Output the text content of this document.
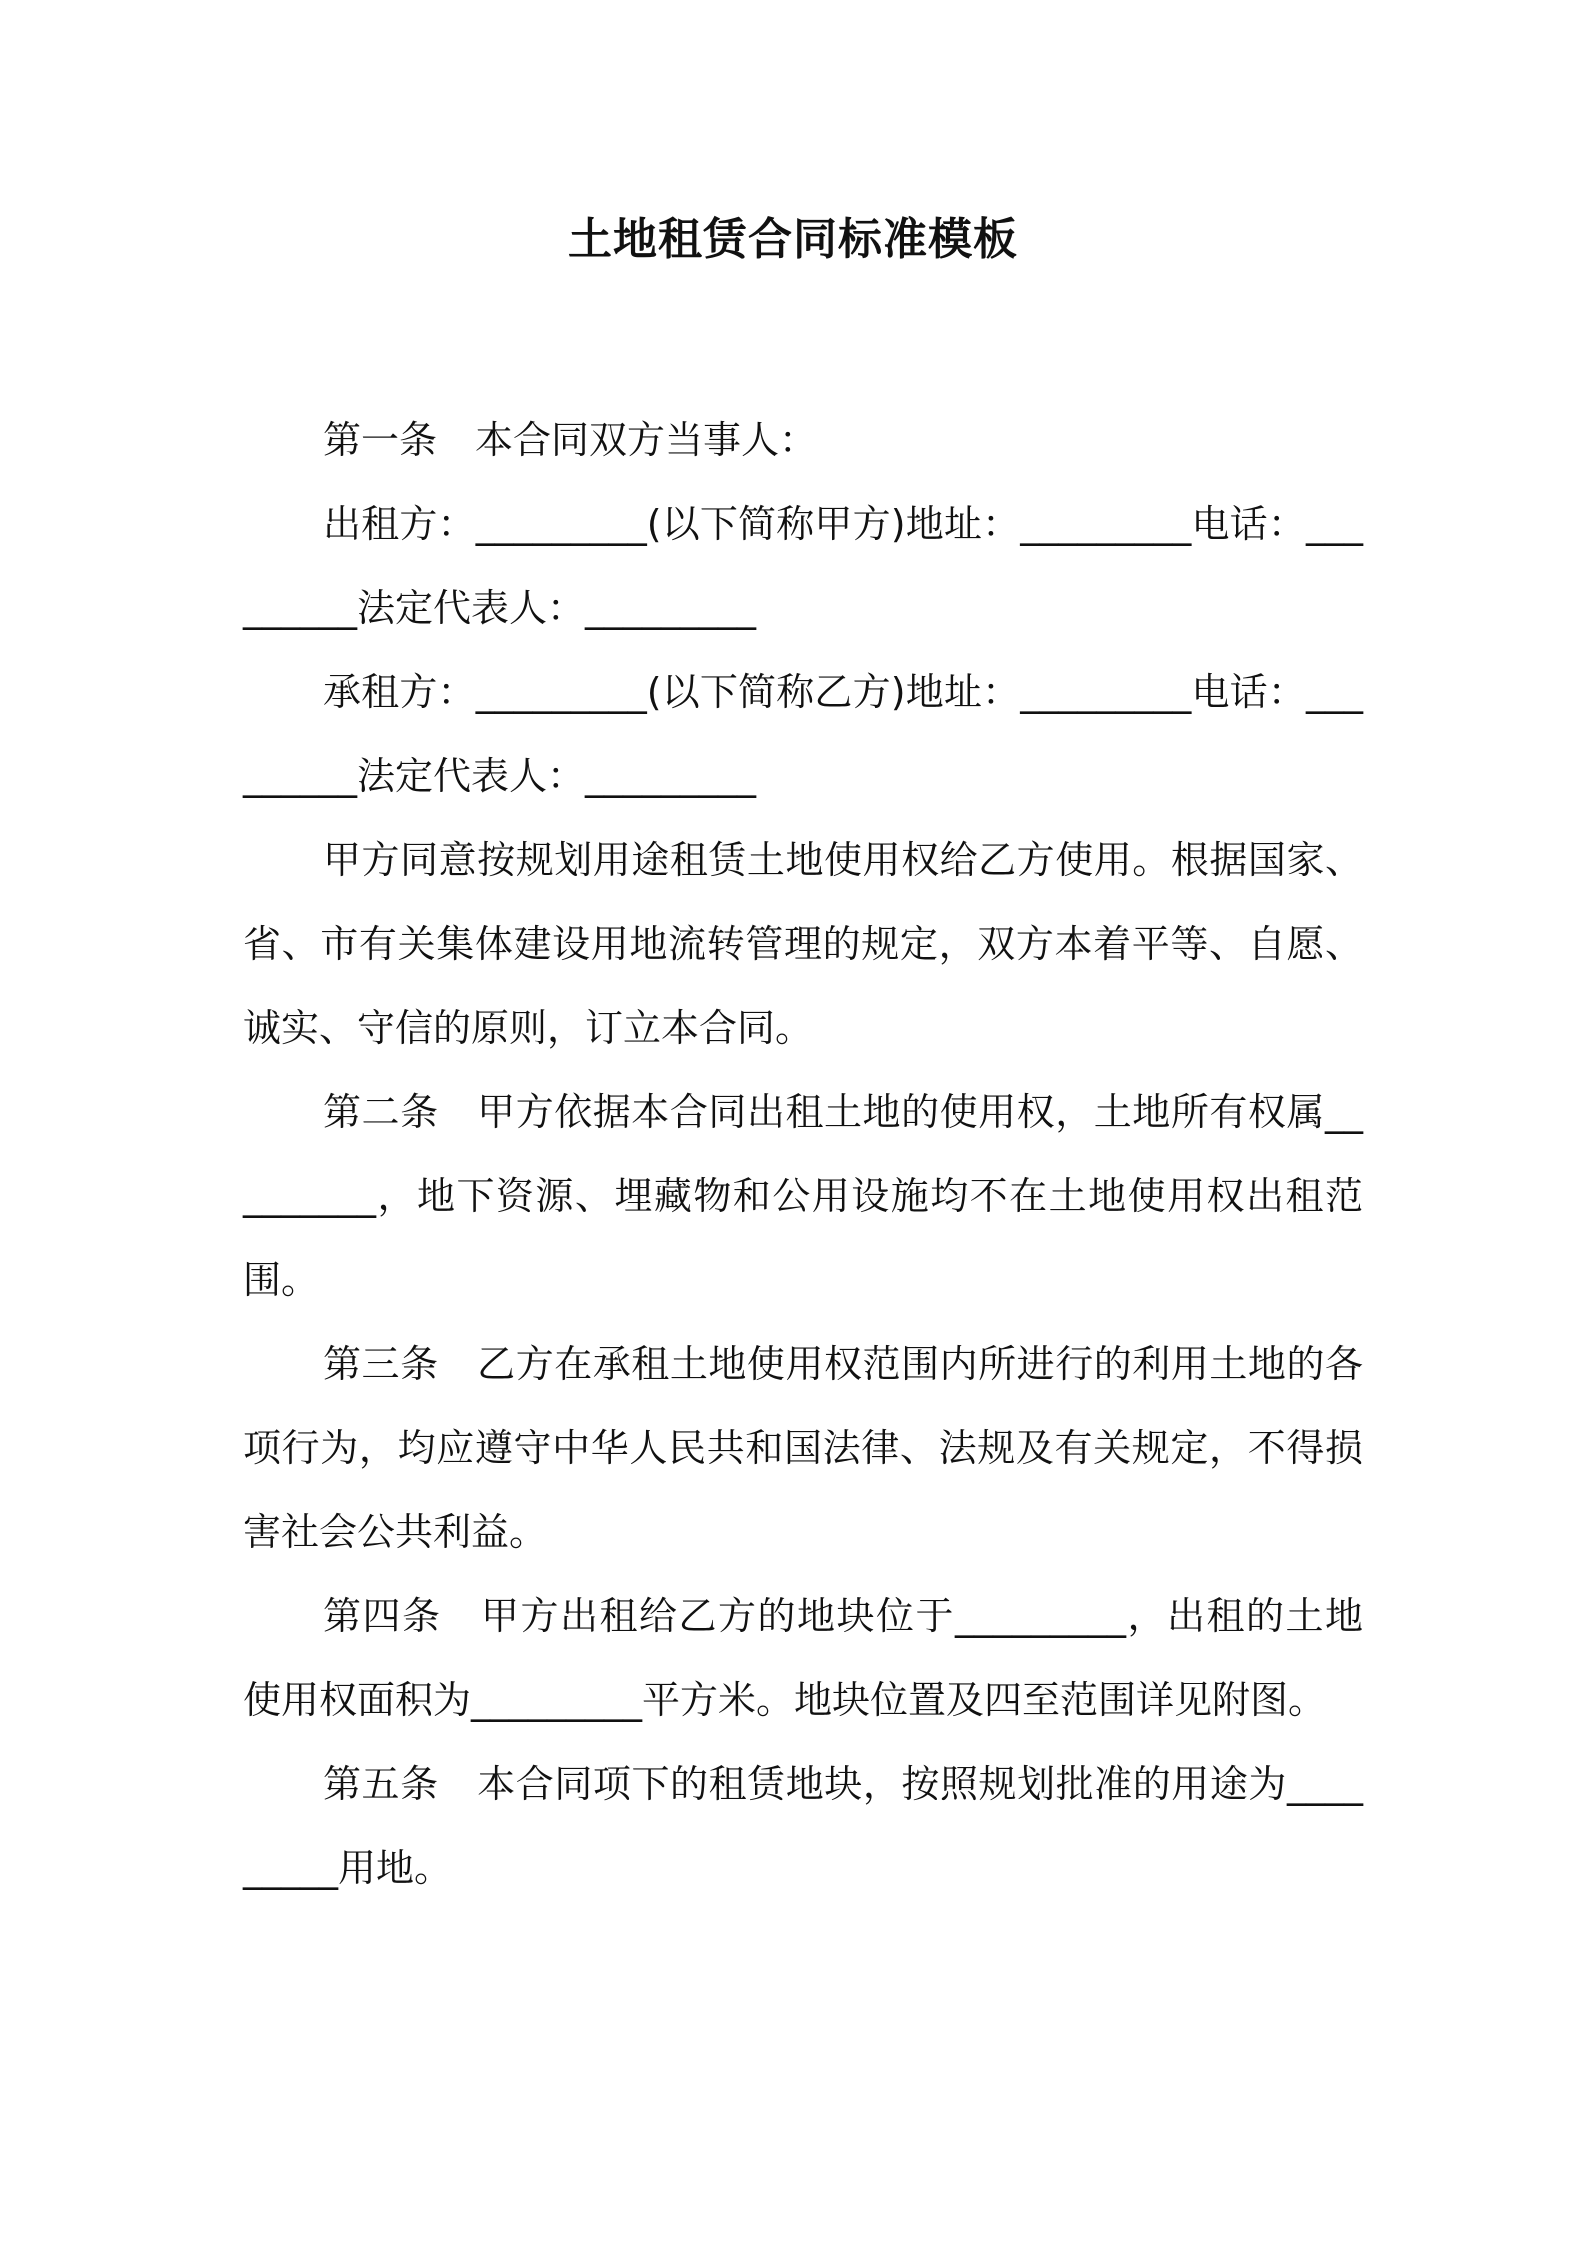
土地租赁合同标准模板

第一条　本合同双方当事人：

出租方：_________(以下简称甲方)地址：_________电话：_________法定代表人：_________

承租方：_________(以下简称乙方)地址：_________电话：_________法定代表人：_________

甲方同意按规划用途租赁土地使用权给乙方使用。根据国家、省、市有关集体建设用地流转管理的规定，双方本着平等、自愿、诚实、守信的原则，订立本合同。

第二条　甲方依据本合同出租土地的使用权，土地所有权属_________，地下资源、埋藏物和公用设施均不在土地使用权出租范围。

第三条　乙方在承租土地使用权范围内所进行的利用土地的各项行为，均应遵守中华人民共和国法律、法规及有关规定，不得损害社会公共利益。

第四条　甲方出租给乙方的地块位于_________，出租的土地使用权面积为_________平方米。地块位置及四至范围详见附图。

第五条　本合同项下的租赁地块，按照规划批准的用途为_________用地。
